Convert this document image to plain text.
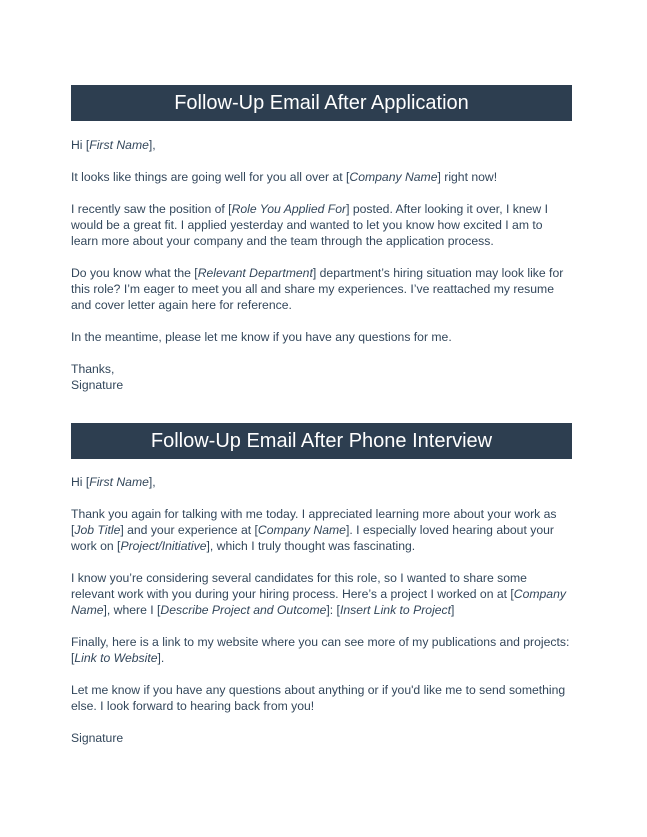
Follow-Up Email After Application

Hi [First Name],

It looks like things are going well for you all over at [Company Name] right now!

I recently saw the position of [Role You Applied For] posted. After looking it over, I knew I would be a great fit. I applied yesterday and wanted to let you know how excited I am to learn more about your company and the team through the application process.

Do you know what the [Relevant Department] department’s hiring situation may look like for this role? I’m eager to meet you all and share my experiences. I’ve reattached my resume and cover letter again here for reference.

In the meantime, please let me know if you have any questions for me.

Thanks,

Signature

Follow-Up Email After Phone Interview

Hi [First Name],

Thank you again for talking with me today. I appreciated learning more about your work as [Job Title] and your experience at [Company Name]. I especially loved hearing about your work on [Project/Initiative], which I truly thought was fascinating.

I know you’re considering several candidates for this role, so I wanted to share some relevant work with you during your hiring process. Here’s a project I worked on at [Company Name], where I [Describe Project and Outcome]: [Insert Link to Project]

Finally, here is a link to my website where you can see more of my publications and projects: [Link to Website].

Let me know if you have any questions about anything or if you'd like me to send something else. I look forward to hearing back from you!

Signature
